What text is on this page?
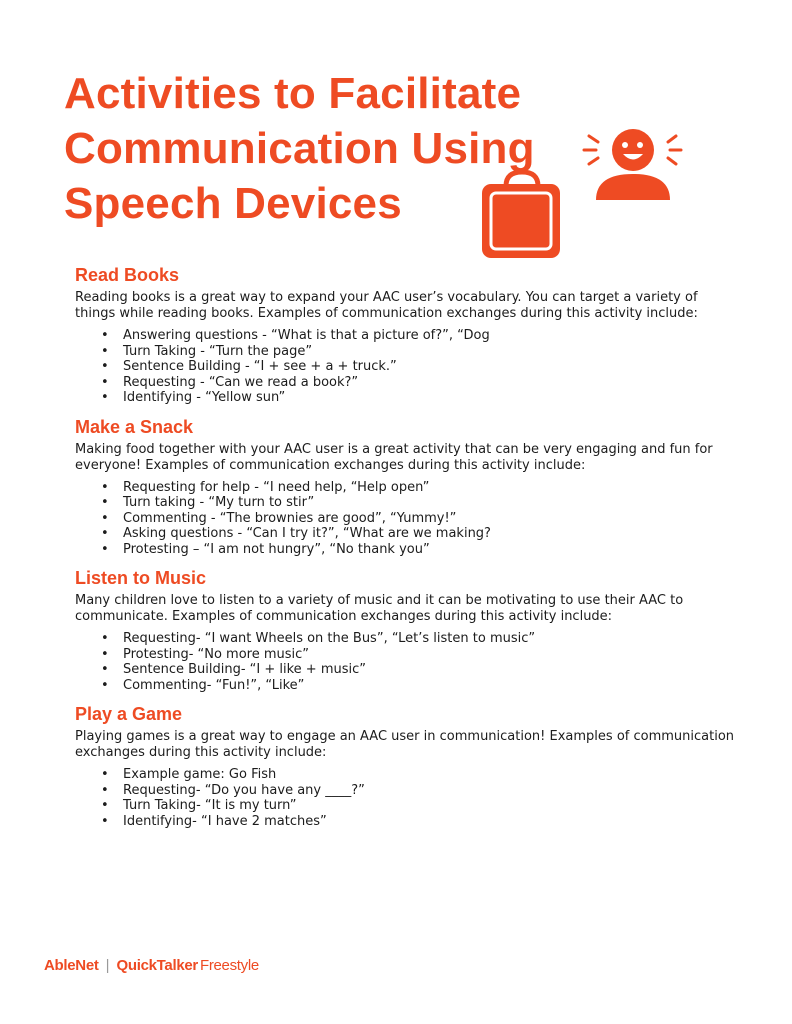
Activities to Facilitate
Communication Using
Speech Devices
Read Books

Reading books is a great way to expand your AAC user’s vocabulary. You can target a variety of things while reading books. Examples of communication exchanges during this activity include:

• Answering questions - “What is that a picture of?”, “Dog
• Turn Taking - “Turn the page”
• Sentence Building - “I + see + a + truck.”
• Requesting - “Can we read a book?”
• Identifying - “Yellow sun”
Make a Snack

Making food together with your AAC user is a great activity that can be very engaging and fun for everyone! Examples of communication exchanges during this activity include:

• Requesting for help - “I need help, “Help open”
• Turn taking - “My turn to stir”
• Commenting - “The brownies are good”, “Yummy!”
• Asking questions - “Can I try it?”, “What are we making?
• Protesting – “I am not hungry”, “No thank you”
Listen to Music

Many children love to listen to a variety of music and it can be motivating to use their AAC to communicate. Examples of communication exchanges during this activity include:

• Requesting- “I want Wheels on the Bus”, “Let’s listen to music”
• Protesting- “No more music”
• Sentence Building- “I + like + music”
• Commenting- “Fun!”, “Like”
Play a Game

Playing games is a great way to engage an AAC user in communication! Examples of communication exchanges during this activity include:

• Example game: Go Fish
• Requesting- “Do you have any ____?”
• Turn Taking- “It is my turn”
• Identifying- “I have 2 matches”
AbleNet | QuickTalker Freestyle
